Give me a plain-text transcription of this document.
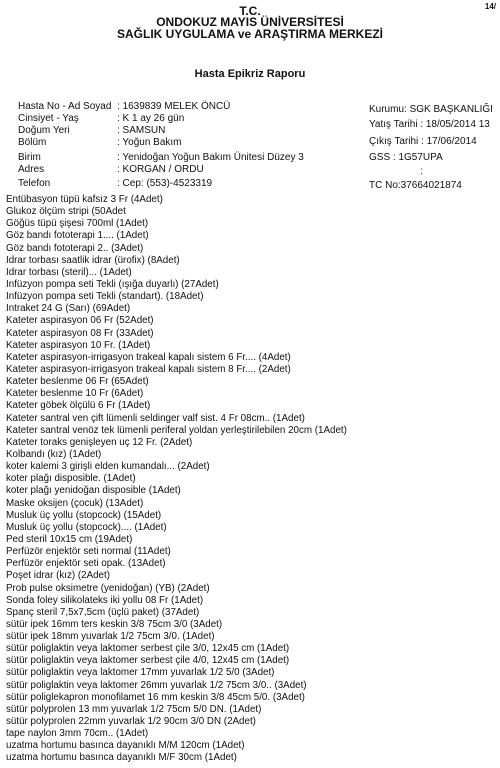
14/
T.C.
ONDOKUZ MAYIS ÜNİVERSİTESİ
SAĞLIK UYGULAMA ve ARAŞTIRMA MERKEZİ
Hasta Epikriz Raporu
Hasta No - Ad Soyad : 1639839 MELEK ÖNCÜ
Cinsiyet - Yaş	: K 1 ay 26 gün
Doğum Yeri	: SAMSUN
Bölüm	: Yoğun Bakım
Birim	: Yenidoğan Yoğun Bakım Ünitesi Düzey 3
Adres	: KORGAN / ORDU
Telefon	: Cep: (553)-4523319
Kurumu: SGK BAŞKANLIĞI
Yatış Tarihi : 18/05/2014 13
Çıkış Tarihi : 17/06/2014
GSS : 1G57UPA
:
TC No:37664021874
Entübasyon tüpü kafsız 3 Fr (4Adet)
Glukoz ölçüm stripi (50Adet
Göğüs tüpü şişesi 700ml (1Adet)
Göz bandı fototerapi 1.... (1Adet)
Göz bandı fototerapi 2.. (3Adet)
İdrar torbası saatlik idrar (ürofix) (8Adet)
İdrar torbası (steril)... (1Adet)
İnfüzyon pompa seti Tekli (ışığa duyarlı) (27Adet)
İnfüzyon pompa seti Tekli (standart). (18Adet)
İntraket 24 G (Sarı) (69Adet)
Kateter aspirasyon 06 Fr (52Adet)
Kateter aspirasyon 08 Fr (33Adet)
Kateter aspirasyon 10 Fr. (1Adet)
Kateter aspirasyon-irrigasyon trakeal kapalı sistem 6 Fr.... (4Adet)
Kateter aspirasyon-irrigasyon trakeal kapalı sistem 8 Fr.... (2Adet)
Kateter beslenme 06 Fr (65Adet)
Kateter beslenme 10 Fr (6Adet)
Kateter göbek ölçülü 6 Fr (1Adet)
Kateter santral ven çift lümenli seldinger valf sist. 4 Fr 08cm.. (1Adet)
Kateter santral venöz tek lümenli periferal yoldan yerleştirilebilen 20cm (1Adet)
Kateter toraks genişleyen uç 12 Fr. (2Adet)
Kolbandı (kız) (1Adet)
koter kalemi 3 girişli elden kumandalı... (2Adet)
koter plağı disposible. (1Adet)
koter plağı yenidoğan disposible (1Adet)
Maske oksijen (çocuk) (13Adet)
Musluk üç yollu (stopcock) (15Adet)
Musluk üç yollu (stopcock).... (1Adet)
Ped steril 10x15 cm (19Adet)
Perfüzör enjektör seti normal (11Adet)
Perfüzör enjektör seti opak. (13Adet)
Poşet idrar (kız) (2Adet)
Prob pulse oksimetre (yenidoğan) (YB) (2Adet)
Sonda foley silikolateks iki yollu 08 Fr (1Adet)
Spanç steril 7,5x7,5cm (üçlü paket) (37Adet)
sütür ipek 16mm ters keskin 3/8 75cm 3/0 (3Adet)
sütür ipek 18mm yuvarlak 1/2 75cm 3/0. (1Adet)
sütür poliglaktin veya laktomer serbest çile 3/0, 12x45 cm (1Adet)
sütür poliglaktin veya laktomer serbest çile 4/0, 12x45 cm (1Adet)
sütür poliglaktin veya laktomer 17mm yuvarlak 1/2 5/0 (3Adet)
sütür poliglaktin veya laktomer 26mm yuvarlak 1/2 75cm 3/0.. (3Adet)
sütür poliglekapron monofilamet 16 mm keskin 3/8 45cm 5/0. (3Adet)
sütür polyprolen 13 mm yuvarlak 1/2 75cm 5/0 DN. (1Adet)
sütür polyprolen 22mm yuvarlak 1/2 90cm 3/0 DN (2Adet)
tape naylon 3mm 70cm.. (1Adet)
uzatma hortumu basınca dayanıklı M/M 120cm (1Adet)
uzatma hortumu basınca dayanıklı M/F 30cm (1Adet)
